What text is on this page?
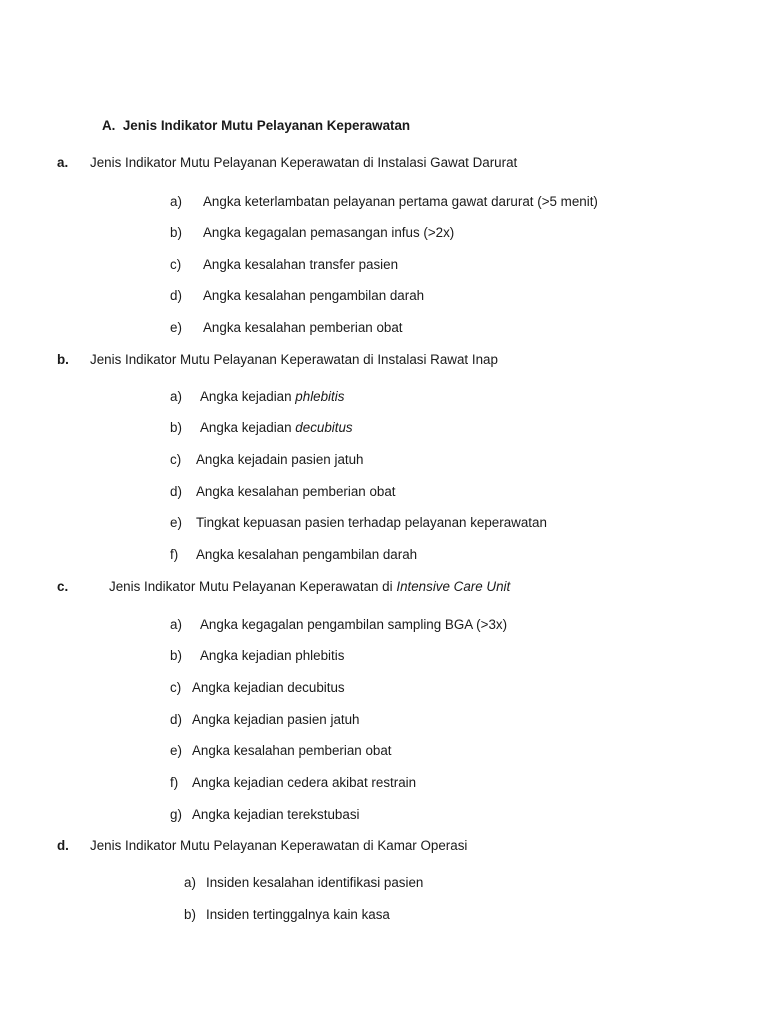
A. Jenis Indikator Mutu Pelayanan Keperawatan
a. Jenis Indikator Mutu Pelayanan Keperawatan di Instalasi Gawat Darurat
a) Angka keterlambatan pelayanan pertama gawat darurat (>5 menit)
b) Angka kegagalan pemasangan infus (>2x)
c) Angka kesalahan transfer pasien
d) Angka kesalahan pengambilan darah
e) Angka kesalahan pemberian obat
b. Jenis Indikator Mutu Pelayanan Keperawatan di Instalasi Rawat Inap
a) Angka kejadian phlebitis
b) Angka kejadian decubitus
c) Angka kejadain pasien jatuh
d) Angka kesalahan pemberian obat
e) Tingkat kepuasan pasien terhadap pelayanan keperawatan
f) Angka kesalahan pengambilan darah
c.	Jenis Indikator Mutu Pelayanan Keperawatan di Intensive Care Unit
a) Angka kegagalan pengambilan sampling BGA (>3x)
b) Angka kejadian phlebitis
c) Angka kejadian decubitus
d) Angka kejadian pasien jatuh
e) Angka kesalahan pemberian obat
f) Angka kejadian cedera akibat restrain
g) Angka kejadian terekstubasi
d. Jenis Indikator Mutu Pelayanan Keperawatan di Kamar Operasi
a) Insiden kesalahan identifikasi pasien
b) Insiden tertinggalnya kain kasa
